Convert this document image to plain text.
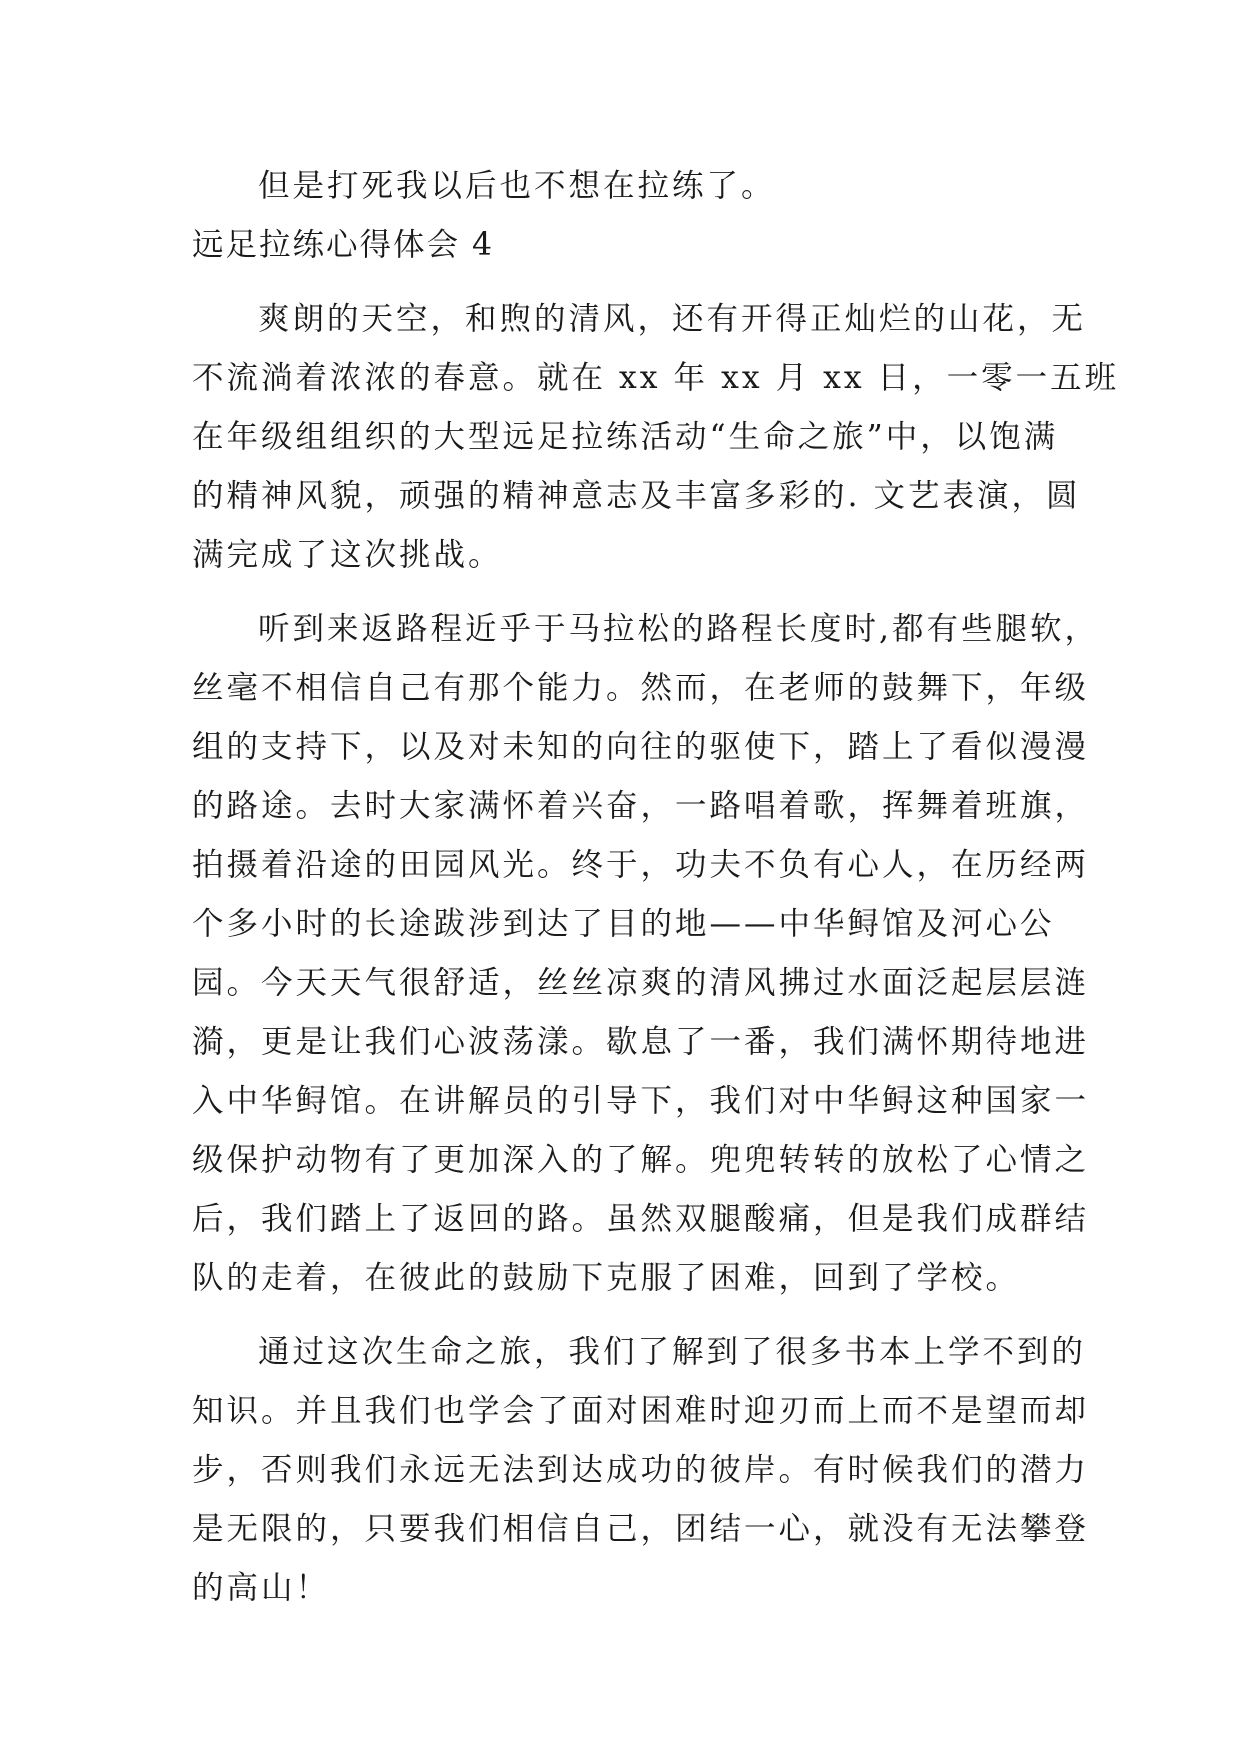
但是打死我以后也不想在拉练了。
远足拉练心得体会 4
爽朗的天空，和煦的清风，还有开得正灿烂的山花，无
不流淌着浓浓的春意。就在 xx 年 xx 月 xx 日，一零一五班
在年级组组织的大型远足拉练活动“生命之旅”中，以饱满
的精神风貌，顽强的精神意志及丰富多彩的. 文艺表演，圆
满完成了这次挑战。
听到来返路程近乎于马拉松的路程长度时,都有些腿软，
丝毫不相信自己有那个能力。然而，在老师的鼓舞下，年级
组的支持下，以及对未知的向往的驱使下，踏上了看似漫漫
的路途。去时大家满怀着兴奋，一路唱着歌，挥舞着班旗，
拍摄着沿途的田园风光。终于，功夫不负有心人，在历经两
个多小时的长途跋涉到达了目的地——中华鲟馆及河心公
园。今天天气很舒适，丝丝凉爽的清风拂过水面泛起层层涟
漪，更是让我们心波荡漾。歇息了一番，我们满怀期待地进
入中华鲟馆。在讲解员的引导下，我们对中华鲟这种国家一
级保护动物有了更加深入的了解。兜兜转转的放松了心情之
后，我们踏上了返回的路。虽然双腿酸痛，但是我们成群结
队的走着，在彼此的鼓励下克服了困难，回到了学校。
通过这次生命之旅，我们了解到了很多书本上学不到的
知识。并且我们也学会了面对困难时迎刃而上而不是望而却
步，否则我们永远无法到达成功的彼岸。有时候我们的潜力
是无限的，只要我们相信自己，团结一心，就没有无法攀登
的高山！
